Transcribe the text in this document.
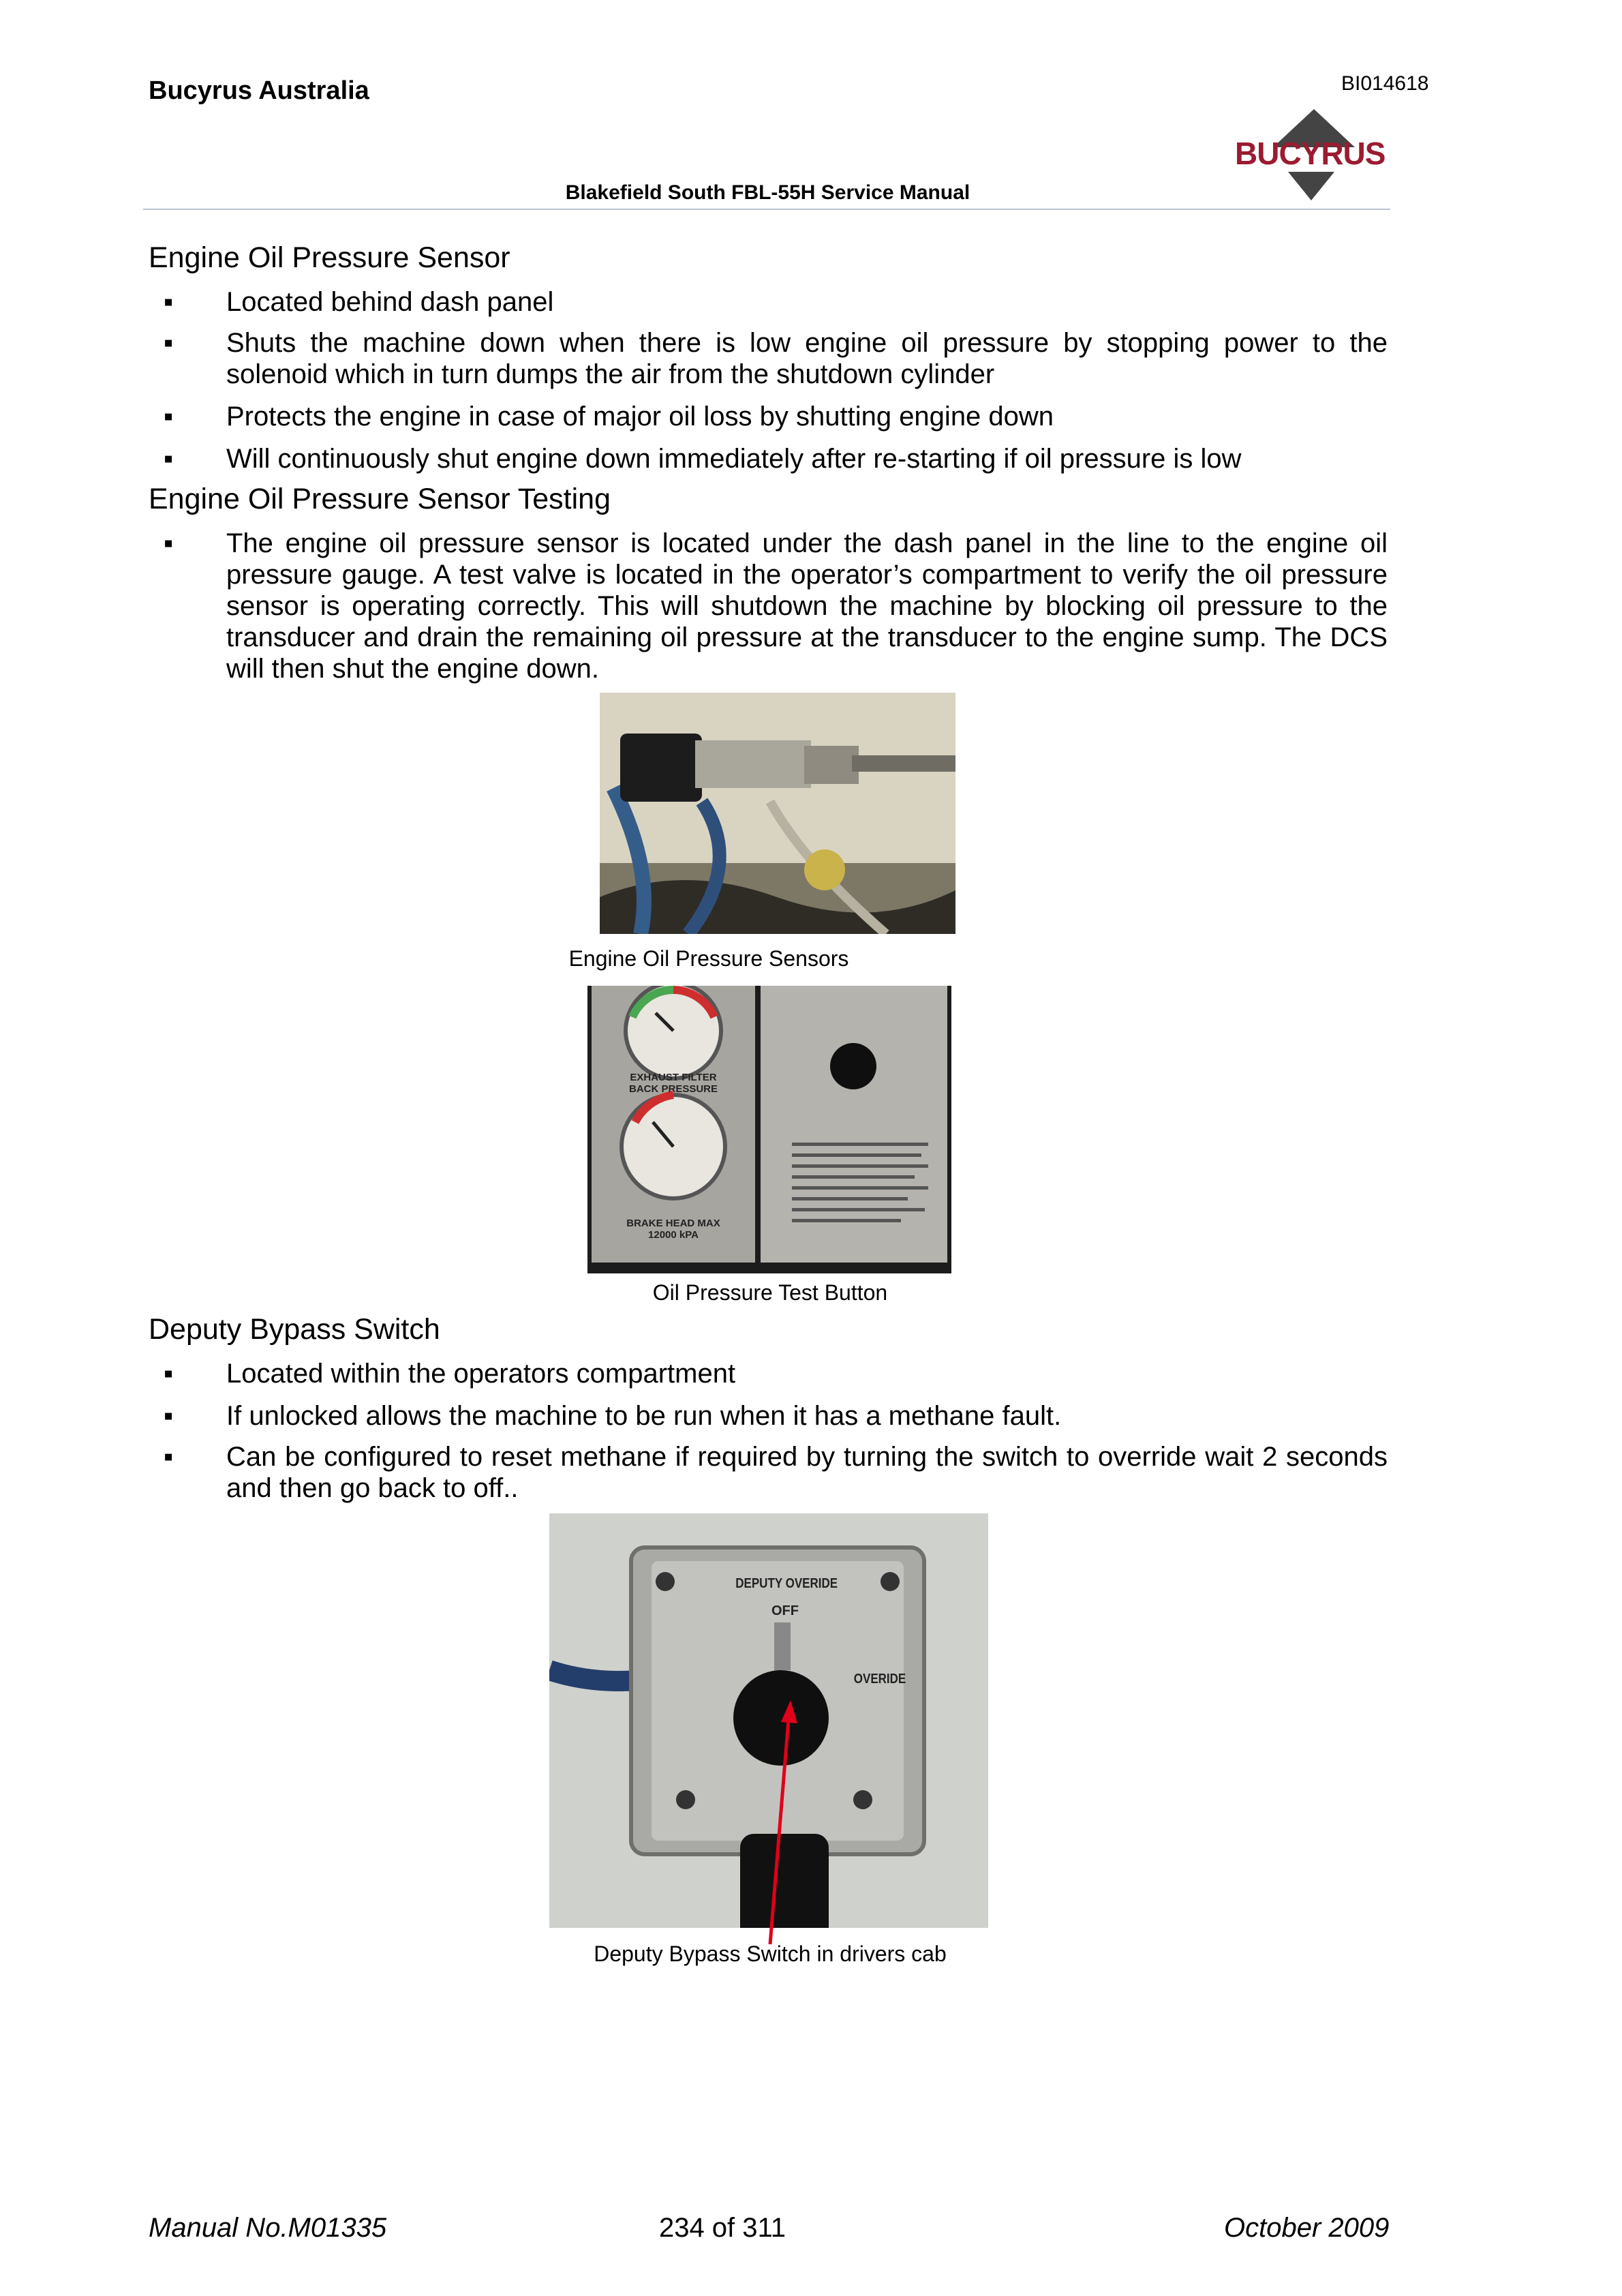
Bucyrus Australia	BI014618
BUCYRUS
Blakefield South FBL-55H Service Manual
Engine Oil Pressure Sensor
▪ Located behind dash panel
▪ Shuts the machine down when there is low engine oil pressure by stopping power to the solenoid which in turn dumps the air from the shutdown cylinder
▪ Protects the engine in case of major oil loss by shutting engine down
▪ Will continuously shut engine down immediately after re-starting if oil pressure is low
Engine Oil Pressure Sensor Testing
▪ The engine oil pressure sensor is located under the dash panel in the line to the engine oil pressure gauge. A test valve is located in the operator’s compartment to verify the oil pressure sensor is operating correctly. This will shutdown the machine by blocking oil pressure to the transducer and drain the remaining oil pressure at the transducer to the engine sump. The DCS will then shut the engine down.
Engine Oil Pressure Sensors
EXHAUST FILTER BACK PRESSURE
BRAKE HEAD MAX 12000 kPA
Oil Pressure Test Button
Deputy Bypass Switch
▪ Located within the operators compartment
▪ If unlocked allows the machine to be run when it has a methane fault.
▪ Can be configured to reset methane if required by turning the switch to override wait 2 seconds and then go back to off..
DEPUTY OVERIDE
OFF
OVERIDE
Deputy Bypass Switch in drivers cab
Manual No.M01335	234 of 311	October 2009
